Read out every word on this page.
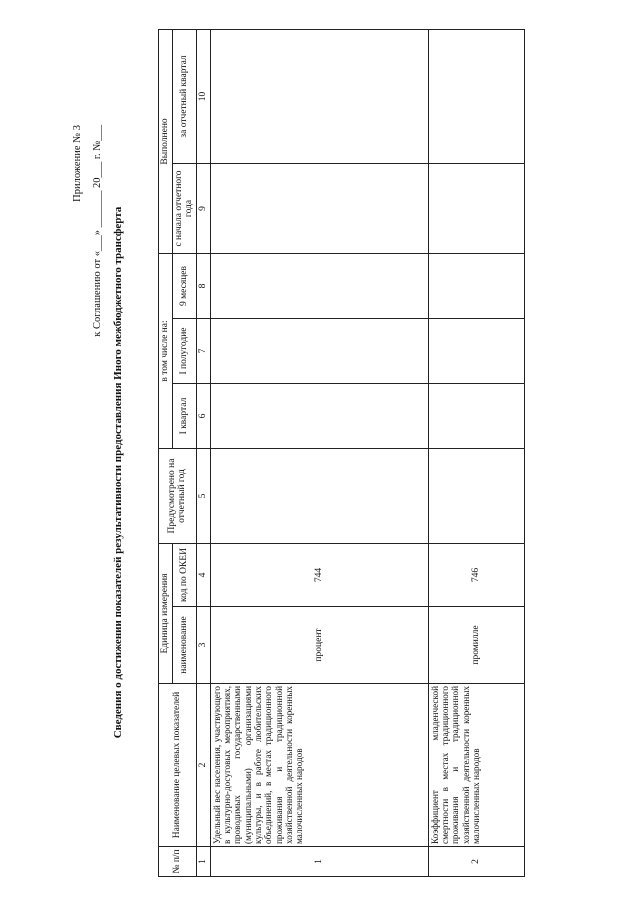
Приложение № 3 к Соглашению от «___» _______ 20___ г. №___ Сведения о достижении показателей результативности предоставления Иного межбюджетного трансферта
№ п/п	Наименование целевых показателей	Единица измерения		Предусмотрено на отчетный год	в том числе на:			Выполнено	
		наименование	код по ОКЕИ		I квартал	I полугодие	9 месяцев	с начала отчетного года	за отчетный квартал
1	2	3	4	5	6	7	8	9	10
1	Удельный вес населения, участвующего в культурно-досуговых мероприятиях, проводимых государственными (муниципальными) организациями культуры, и в работе любительских объединений, в местах традиционного проживания и традиционной хозяйственной деятельности коренных малочисленных народов	процент	744						
2	Коэффициент младенческой смертности в местах традиционного проживания и традиционной хозяйственной деятельности коренных малочисленных народов	промилле	746						
